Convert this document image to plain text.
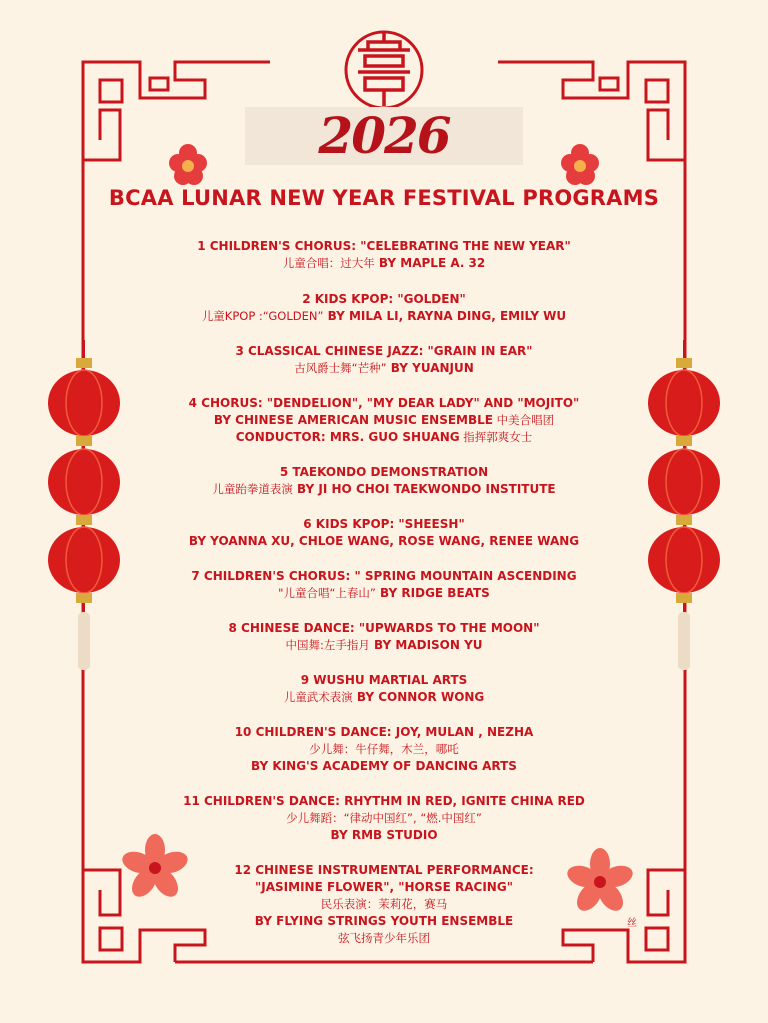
2026
BCAA LUNAR NEW YEAR FESTIVAL PROGRAMS
1 CHILDREN'S CHORUS: "CELEBRATING THE NEW YEAR"
儿童合唱：过大年 BY MAPLE A. 32
2 KIDS KPOP: "GOLDEN"
儿童KPOP :“GOLDEN” BY MILA LI, RAYNA DING, EMILY WU
3 CLASSICAL CHINESE JAZZ: "GRAIN IN EAR"
古风爵士舞“芒种” BY YUANJUN
4 CHORUS: "DENDELION", "MY DEAR LADY" AND "MOJITO"
BY CHINESE AMERICAN MUSIC ENSEMBLE 中美合唱团
CONDUCTOR: MRS. GUO SHUANG 指挥郭爽女士
5 TAEKONDO DEMONSTRATION
儿童跆拳道表演 BY JI HO CHOI TAEKWONDO INSTITUTE
6 KIDS KPOP: "SHEESH"
BY YOANNA XU, CHLOE WANG, ROSE WANG, RENEE WANG
7 CHILDREN'S CHORUS: " SPRING MOUNTAIN ASCENDING
"儿童合唱“上春山” BY RIDGE BEATS
8 CHINESE DANCE: "UPWARDS TO THE MOON"
中国舞:左手指月 BY MADISON YU
9 WUSHU MARTIAL ARTS
儿童武术表演 BY CONNOR WONG
10 CHILDREN'S DANCE: JOY, MULAN , NEZHA
少儿舞：牛仔舞，木兰，哪吒
BY KING'S ACADEMY OF DANCING ARTS
11 CHILDREN'S DANCE: RHYTHM IN RED, IGNITE CHINA RED
少儿舞蹈：“律动中国红”, “燃.中国红”
BY RMB STUDIO
12 CHINESE INSTRUMENTAL PERFORMANCE:
"JASIMINE FLOWER", "HORSE RACING"
民乐表演：茉莉花，赛马
BY FLYING STRINGS YOUTH ENSEMBLE
弦飞扬青少年乐团
丝
